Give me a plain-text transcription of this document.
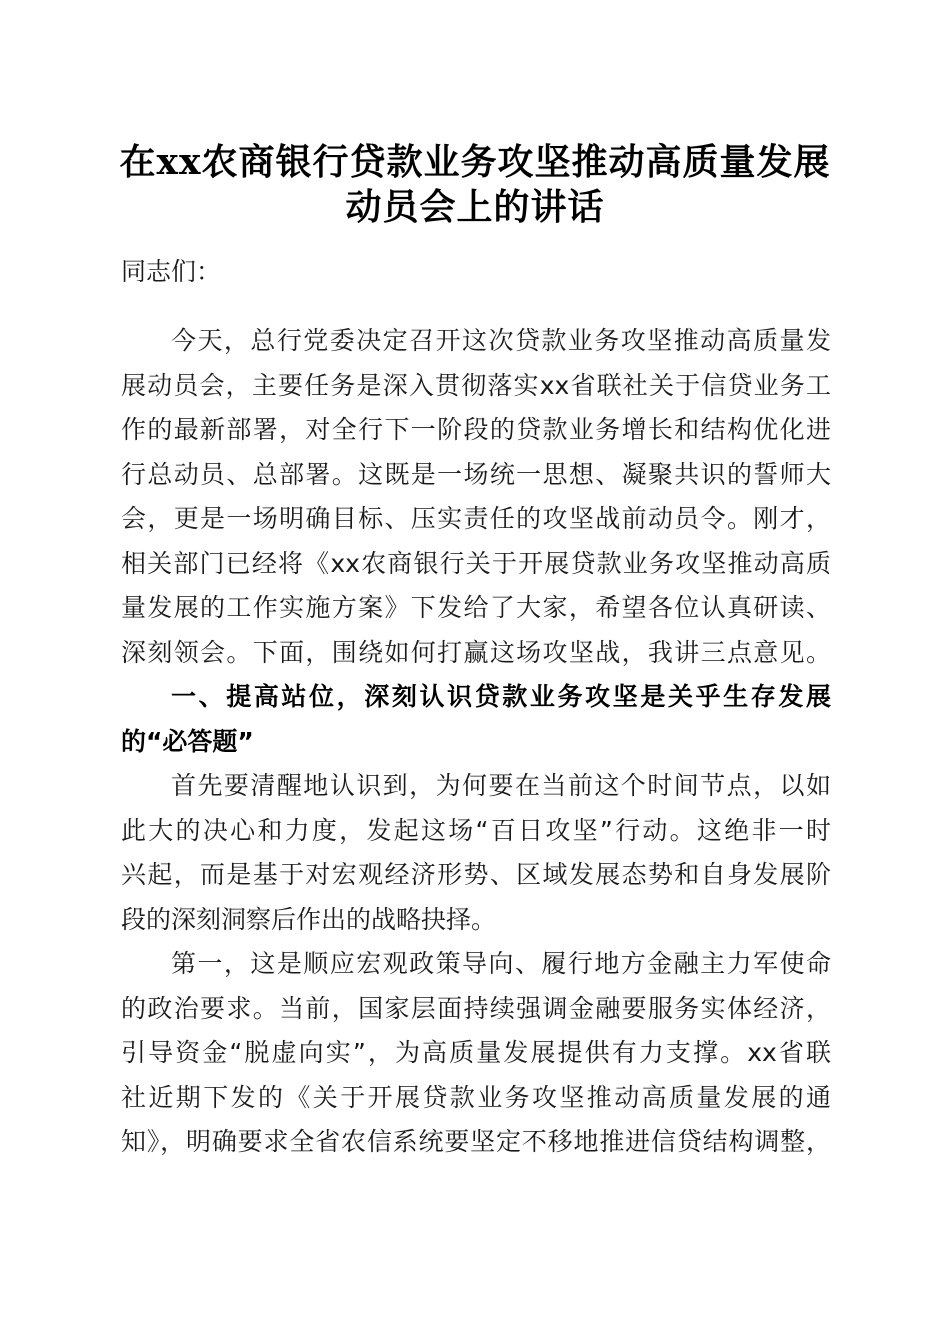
在xx农商银行贷款业务攻坚推动高质量发展
动员会上的讲话
同志们：
今天，总行党委决定召开这次贷款业务攻坚推动高质量发
展动员会，主要任务是深入贯彻落实xx省联社关于信贷业务工
作的最新部署，对全行下一阶段的贷款业务增长和结构优化进
行总动员、总部署。这既是一场统一思想、凝聚共识的誓师大
会，更是一场明确目标、压实责任的攻坚战前动员令。刚才，
相关部门已经将《xx农商银行关于开展贷款业务攻坚推动高质
量发展的工作实施方案》下发给了大家，希望各位认真研读、
深刻领会。下面，围绕如何打赢这场攻坚战，我讲三点意见。
一、提高站位，深刻认识贷款业务攻坚是关乎生存发展
的“必答题”
首先要清醒地认识到，为何要在当前这个时间节点，以如
此大的决心和力度，发起这场“百日攻坚”行动。这绝非一时
兴起，而是基于对宏观经济形势、区域发展态势和自身发展阶
段的深刻洞察后作出的战略抉择。
第一，这是顺应宏观政策导向、履行地方金融主力军使命
的政治要求。当前，国家层面持续强调金融要服务实体经济，
引导资金“脱虚向实”，为高质量发展提供有力支撑。xx省联
社近期下发的《关于开展贷款业务攻坚推动高质量发展的通
知》，明确要求全省农信系统要坚定不移地推进信贷结构调整，
